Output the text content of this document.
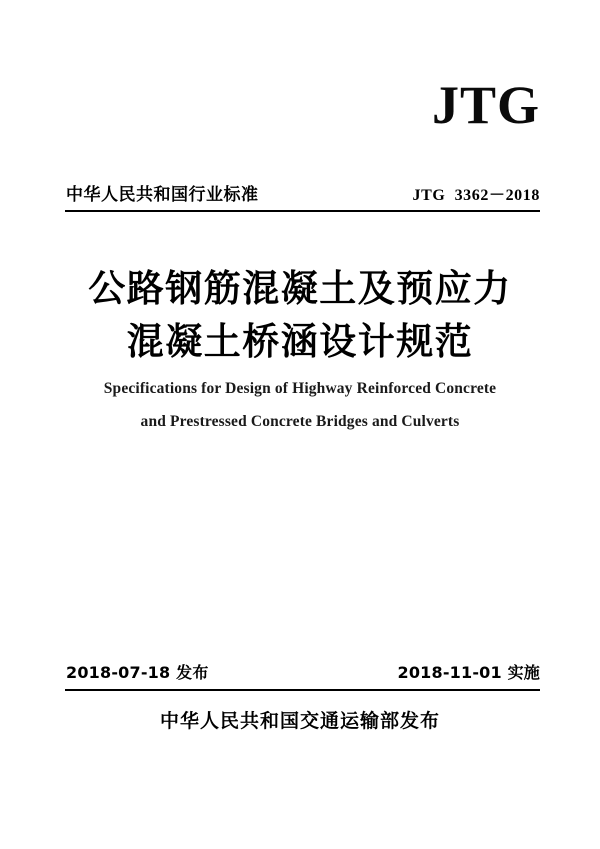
JTG
中华人民共和国行业标准	JTG  3362－2018
公路钢筋混凝土及预应力
混凝土桥涵设计规范
Specifications for Design of Highway Reinforced Concrete
and Prestressed Concrete Bridges and Culverts
2018-07-18 发布	2018-11-01 实施
中华人民共和国交通运输部发布
